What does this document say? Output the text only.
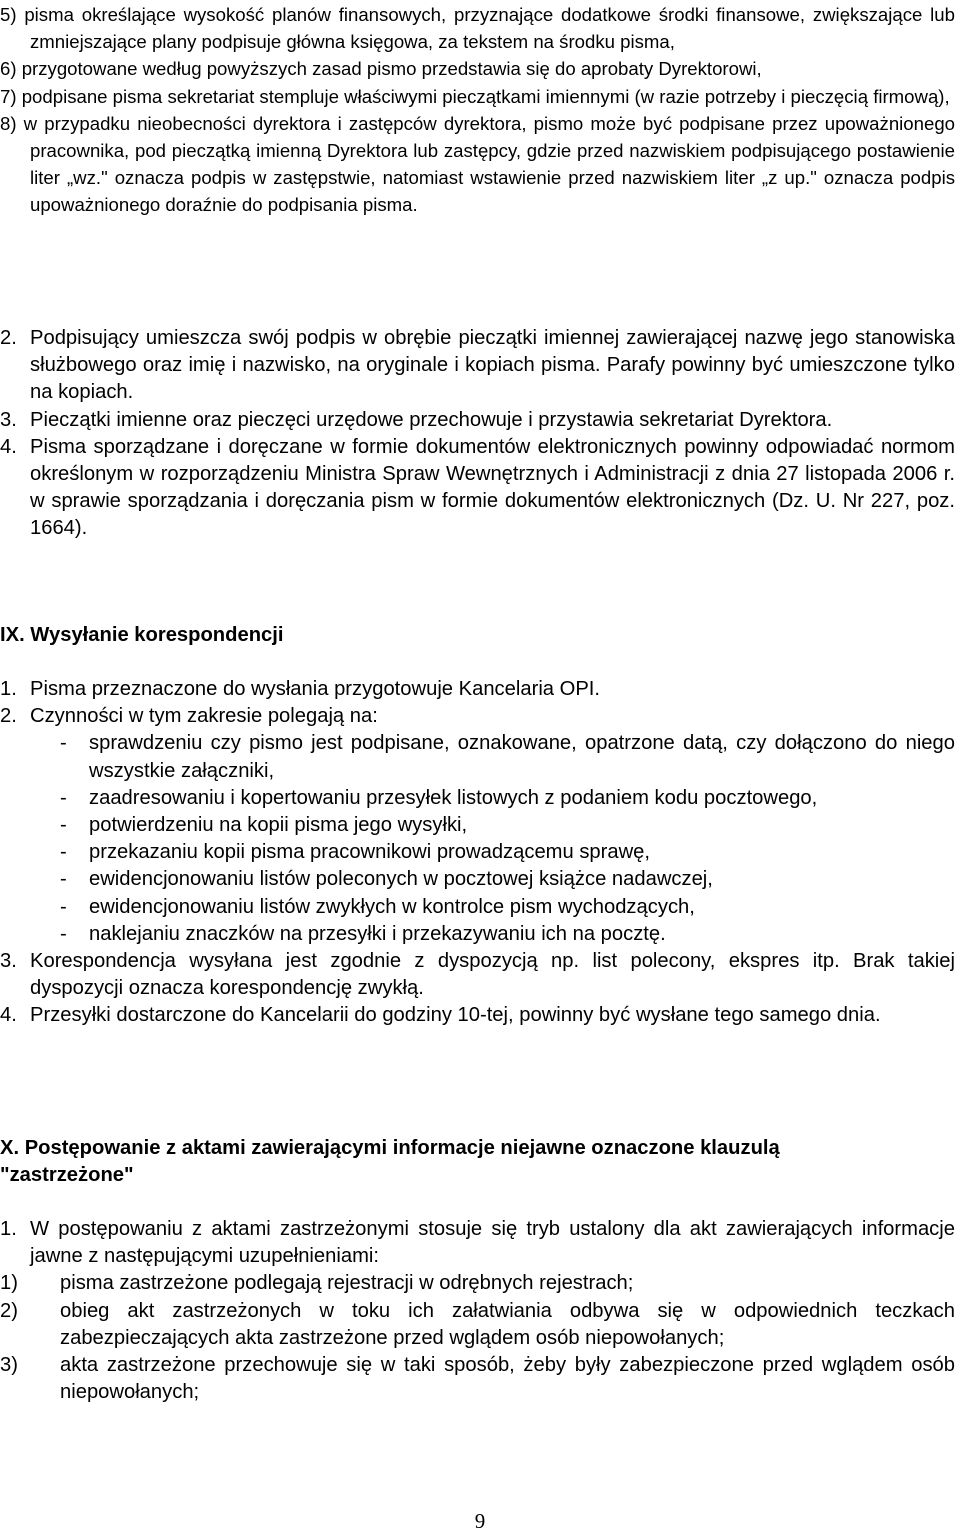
5) pisma określające wysokość planów finansowych, przyznające dodatkowe środki finansowe, zwiększające lub zmniejszające plany podpisuje główna księgowa, za tekstem na środku pisma,

6) przygotowane według powyższych zasad pismo przedstawia się do aprobaty Dyrektorowi,

7) podpisane pisma sekretariat stempluje właściwymi pieczątkami imiennymi (w razie potrzeby i pieczęcią firmową),

8) w przypadku nieobecności dyrektora i zastępców dyrektora, pismo może być podpisane przez upoważnionego pracownika, pod pieczątką imienną Dyrektora lub zastępcy, gdzie przed nazwiskiem podpisującego postawienie liter „wz." oznacza podpis w zastępstwie, natomiast wstawienie przed nazwiskiem liter „z up." oznacza podpis upoważnionego doraźnie do podpisania pisma.

2. Podpisujący umieszcza swój podpis w obrębie pieczątki imiennej zawierającej nazwę jego stanowiska służbowego oraz imię i nazwisko, na oryginale i kopiach pisma. Parafy powinny być umieszczone tylko na kopiach.

3. Pieczątki imienne oraz pieczęci urzędowe przechowuje i przystawia sekretariat Dyrektora.

4. Pisma sporządzane i doręczane w formie dokumentów elektronicznych powinny odpowiadać normom określonym w rozporządzeniu Ministra Spraw Wewnętrznych i Administracji z dnia 27 listopada 2006 r. w sprawie sporządzania i doręczania pism w formie dokumentów elektronicznych (Dz. U. Nr 227, poz. 1664).

IX. Wysyłanie korespondencji
1. Pisma przeznaczone do wysłania przygotowuje Kancelaria OPI.

2. Czynności w tym zakresie polegają na:

- sprawdzeniu czy pismo jest podpisane, oznakowane, opatrzone datą, czy dołączono do niego wszystkie załączniki,

- zaadresowaniu i kopertowaniu przesyłek listowych z podaniem kodu pocztowego,

- potwierdzeniu na kopii pisma jego wysyłki,

- przekazaniu kopii pisma pracownikowi prowadzącemu sprawę,

- ewidencjonowaniu listów poleconych w pocztowej książce nadawczej,

- ewidencjonowaniu listów zwykłych w kontrolce pism wychodzących,

- naklejaniu znaczków na przesyłki i przekazywaniu ich na pocztę.

3. Korespondencja wysyłana jest zgodnie z dyspozycją np. list polecony, ekspres itp. Brak takiej dyspozycji oznacza korespondencję zwykłą.

4. Przesyłki dostarczone do Kancelarii do godziny 10-tej, powinny być wysłane tego samego dnia.

X. Postępowanie z aktami zawierającymi informacje niejawne oznaczone klauzulą "zastrzeżone"
1. W postępowaniu z aktami zastrzeżonymi stosuje się tryb ustalony dla akt zawierających informacje jawne z następującymi uzupełnieniami:

1) pisma zastrzeżone podlegają rejestracji w odrębnych rejestrach;

2) obieg akt zastrzeżonych w toku ich załatwiania odbywa się w odpowiednich teczkach zabezpieczających akta zastrzeżone przed wglądem osób niepowołanych;

3) akta zastrzeżone przechowuje się w taki sposób, żeby były zabezpieczone przed wglądem osób niepowołanych;

9
